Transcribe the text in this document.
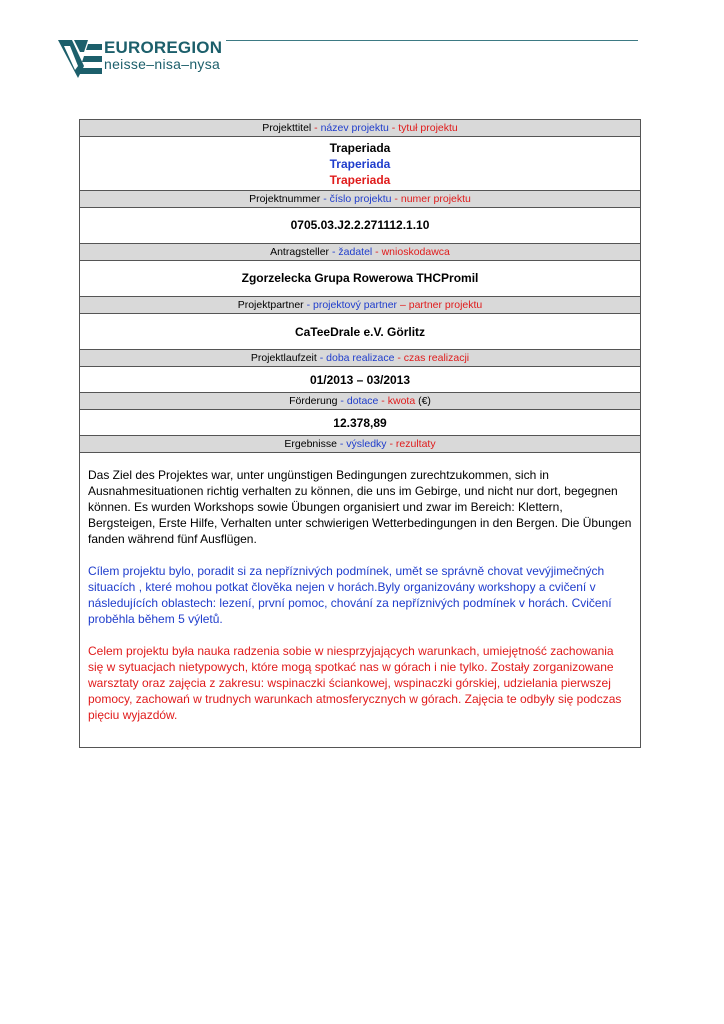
EUROREGION
neisse–nisa–nysa
Projekttitel - název projektu - tytuł projektu
Traperiada
Traperiada
Traperiada
Projektnummer - číslo projektu - numer projektu
0705.03.J2.2.271112.1.10
Antragsteller - žadatel - wnioskodawca
Zgorzelecka Grupa Rowerowa THCPromil
Projektpartner - projektový partner – partner projektu
CaTeeDrale e.V. Görlitz
Projektlaufzeit - doba realizace - czas realizacji
01/2013 – 03/2013
Förderung - dotace - kwota (€)
12.378,89
Ergebnisse - výsledky - rezultaty

Das Ziel des Projektes war, unter ungünstigen Bedingungen zurechtzukommen, sich in Ausnahmesituationen richtig verhalten zu können, die uns im Gebirge, und nicht nur dort, begegnen können. Es wurden Workshops sowie Übungen organisiert und zwar im Bereich: Klettern, Bergsteigen, Erste Hilfe, Verhalten unter schwierigen Wetterbedingungen in den Bergen. Die Übungen fanden während fünf Ausflügen.

Cílem projektu bylo, poradit si za nepříznivých podmínek, umět se správně chovat vevýjimečných situacích , které mohou potkat člověka nejen v horách.Byly organizovány workshopy a cvičení v následujících oblastech: lezení, první pomoc, chování za nepříznivých podmínek v horách. Cvičení proběhla během 5 výletů.

Celem projektu była nauka radzenia sobie w niesprzyjających warunkach, umiejętność zachowania się w sytuacjach nietypowych, które mogą spotkać nas w górach i nie tylko. Zostały zorganizowane warsztaty oraz zajęcia z zakresu: wspinaczki ściankowej, wspinaczki górskiej, udzielania pierwszej pomocy, zachowań w trudnych warunkach atmosferycznych w górach. Zajęcia te odbyły się podczas pięciu wyjazdów.
